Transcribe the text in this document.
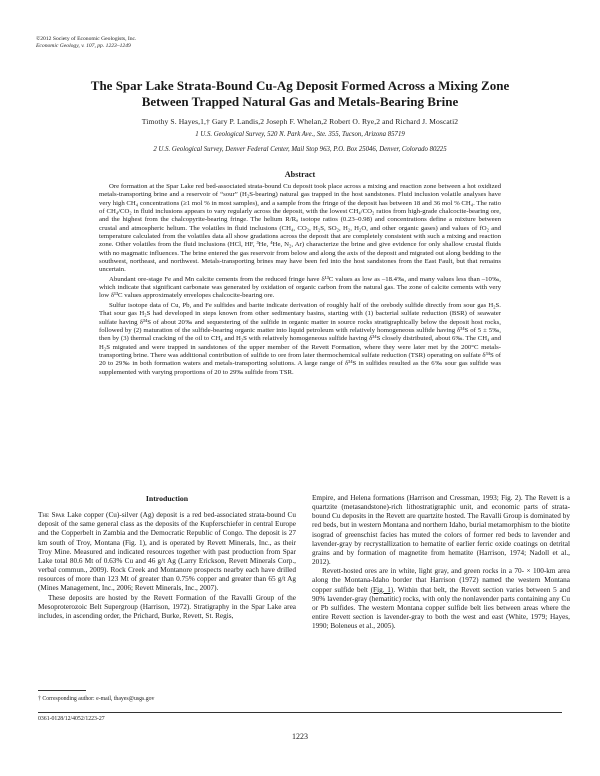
©2012 Society of Economic Geologists, Inc.
Economic Geology, v. 107, pp. 1223–1249
The Spar Lake Strata-Bound Cu-Ag Deposit Formed Across a Mixing Zone
Between Trapped Natural Gas and Metals-Bearing Brine
Timothy S. Hayes,1,† Gary P. Landis,2 Joseph F. Whelan,2 Robert O. Rye,2 and Richard J. Moscati2
1 U.S. Geological Survey, 520 N. Park Ave., Ste. 355, Tucson, Arizona 85719
2 U.S. Geological Survey, Denver Federal Center, Mail Stop 963, P.O. Box 25046, Denver, Colorado 80225
Abstract

Ore formation at the Spar Lake red bed-associated strata-bound Cu deposit took place across a mixing and reaction zone between a hot oxidized metals-transporting brine and a reservoir of “sour” (H₂S-bearing) natural gas trapped in the host sandstones. Fluid inclusion volatile analyses have very high CH₄ concentrations (≥1 mol % in most samples), and a sample from the fringe of the deposit has between 18 and 36 mol % CH₄. The ratio of CH₄/CO₂ in fluid inclusions appears to vary regularly across the deposit, with the lowest CH₄/CO₂ ratios from high-grade chalcocite-bearing ore, and the highest from the chalcopyrite-bearing fringe. The helium R/Rₐ isotope ratios (0.23–0.98) and concentrations define a mixture between crustal and atmospheric helium. The volatiles in fluid inclusions (CH₄, CO₂, H₂S, SO₂, H₂, H₂O, and other organic gases) and values of fO₂ and temperature calculated from the volatiles data all show gradations across the deposit that are completely consistent with such a mixing and reaction zone. Other volatiles from the fluid inclusions (HCl, HF, ³He, ⁴He, N₂, Ar) characterize the brine and give evidence for only shallow crustal fluids with no magmatic influences. The brine entered the gas reservoir from below and along the axis of the deposit and migrated out along bedding to the southwest, northeast, and northwest. Metals-transporting brines may have been fed into the host sandstones from the East Fault, but that remains uncertain.

Abundant ore-stage Fe and Mn calcite cements from the reduced fringe have δ¹³C values as low as –18.4‰, and many values less than –10‰, which indicate that significant carbonate was generated by oxidation of organic carbon from the natural gas. The zone of calcite cements with very low δ¹³C values approximately envelopes chalcocite-bearing ore.

Sulfur isotope data of Cu, Pb, and Fe sulfides and barite indicate derivation of roughly half of the orebody sulfide directly from sour gas H₂S. That sour gas H₂S had developed in steps known from other sedimentary basins, starting with (1) bacterial sulfate reduction (BSR) of seawater sulfate having δ³⁴S of about 20‰ and sequestering of the sulfide in organic matter in source rocks stratigraphically below the deposit host rocks, followed by (2) maturation of the sulfide-bearing organic matter into liquid petroleum with relatively homogeneous sulfide having δ³⁴S of 5 ± 5‰, then by (3) thermal cracking of the oil to CH₄ and H₂S with relatively homogeneous sulfide having δ³⁴S closely distributed, about 6‰. The CH₄ and H₂S migrated and were trapped in sandstones of the upper member of the Revett Formation, where they were later met by the 200°C metals-transporting brine. There was additional contribution of sulfide to ore from later thermochemical sulfate reduction (TSR) operating on sulfate δ³⁴S of 20 to 29‰ in both formation waters and metals-transporting solutions. A large range of δ³⁴S in sulfides resulted as the 6‰ sour gas sulfide was supplemented with varying proportions of 20 to 29‰ sulfide from TSR.

Introduction

The Spar Lake copper (Cu)-silver (Ag) deposit is a red bed-associated strata-bound Cu deposit of the same general class as the deposits of the Kupferschiefer in central Europe and the Copperbelt in Zambia and the Democratic Republic of Congo. The deposit is 27 km south of Troy, Montana (Fig. 1), and is operated by Revett Minerals, Inc., as their Troy Mine. Measured and indicated resources together with past production from Spar Lake total 80.6 Mt of 0.63% Cu and 46 g/t Ag (Larry Erickson, Revett Minerals Corp., verbal commun., 2009). Rock Creek and Montanore prospects nearby each have drilled resources of more than 123 Mt of greater than 0.75% copper and greater than 65 g/t Ag (Mines Management, Inc., 2006; Revett Minerals, Inc., 2007).

These deposits are hosted by the Revett Formation of the Ravalli Group of the Mesoproterozoic Belt Supergroup (Harrison, 1972). Stratigraphy in the Spar Lake area includes, in ascending order, the Prichard, Burke, Revett, St. Regis,

Empire, and Helena formations (Harrison and Cressman, 1993; Fig. 2). The Revett is a quartzite (metasandstone)-rich lithostratigraphic unit, and economic parts of strata-bound Cu deposits in the Revett are quartzite hosted. The Ravalli Group is dominated by red beds, but in western Montana and northern Idaho, burial metamorphism to the biotite isograd of greenschist facies has muted the colors of former red beds to lavender and lavender-gray by recrystallization to hematite of earlier ferric oxide coatings on detrital grains and by formation of magnetite from hematite (Harrison, 1974; Nadoll et al., 2012).

Revett-hosted ores are in white, light gray, and green rocks in a 70- × 100-km area along the Montana-Idaho border that Harrison (1972) named the western Montana copper sulfide belt (Fig. 1). Within that belt, the Revett section varies between 5 and 90% lavender-gray (hematitic) rocks, with only the nonlavender parts containing any Cu or Pb sulfides. The western Montana copper sulfide belt lies between areas where the entire Revett section is lavender-gray to both the west and east (White, 1979; Hayes, 1990; Boleneus et al., 2005).

† Corresponding author: e-mail, thayes@usgs.gov
0361-0128/12/4052/1223-27
1223
